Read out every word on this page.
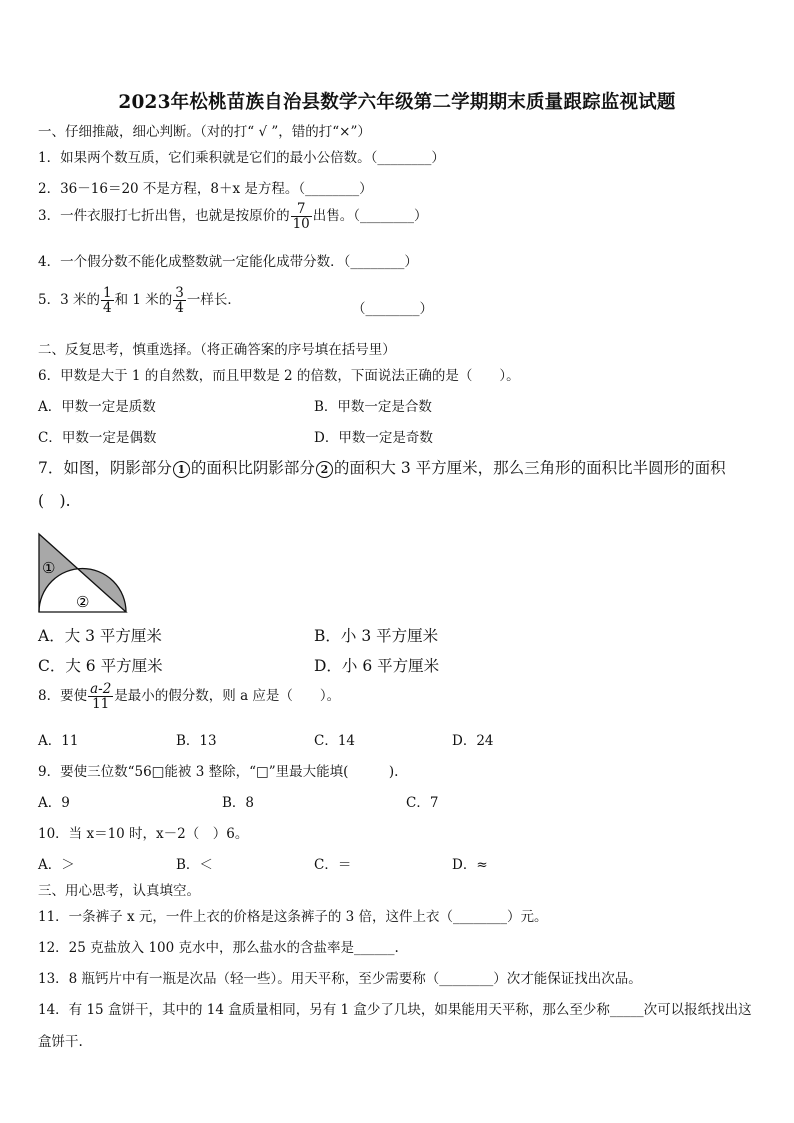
2023年松桃苗族自治县数学六年级第二学期期末质量跟踪监视试题
一、仔细推敲，细心判断。（对的打“ √ ”，错的打“×”）
1．如果两个数互质，它们乘积就是它们的最小公倍数。（________）
2．36－16＝20 不是方程，8＋x 是方程。（________）
3．一件衣服打七折出售，也就是按原价的 $\frac{7}{10}$ 出售。（________）
4．一个假分数不能化成整数就一定能化成带分数．（________）
5．3 米的 $\frac{1}{4}$ 和 1 米的 $\frac{3}{4}$ 一样长．
（________）
二、反复思考，慎重选择。（将正确答案的序号填在括号里）
6．甲数是大于 1 的自然数，而且甲数是 2 的倍数，下面说法正确的是（　　）。
A．甲数一定是质数	B．甲数一定是合数
C．甲数一定是偶数	D．甲数一定是奇数
7．如图，阴影部分 1 的面积比阴影部分 2 的面积大 3 平方厘米，那么三角形的面积比半圆形的面积
(　).
①
②
A．大 3 平方厘米	B．小 3 平方厘米
C．大 6 平方厘米	D．小 6 平方厘米
8．要使 $\frac{a-2}{11}$ 是最小的假分数，则 a 应是（　　）。
A．11	B．13	C．14	D．24
9．要使三位数“56□能被 3 整除，“□”里最大能填(　　　).
A．9	B．8	C．7
10．当 x＝10 时，x－2（　）6。
A．＞	B．＜	C．＝	D．≈
三、用心思考，认真填空。
11．一条裤子 x 元，一件上衣的价格是这条裤子的 3 倍，这件上衣（________）元。
12．25 克盐放入 100 克水中，那么盐水的含盐率是______.
13．8 瓶钙片中有一瓶是次品（轻一些）。用天平称，至少需要称（________）次才能保证找出次品。
14．有 15 盒饼干，其中的 14 盒质量相同，另有 1 盒少了几块，如果能用天平称，那么至少称_____次可以报纸找出这
盒饼干.
